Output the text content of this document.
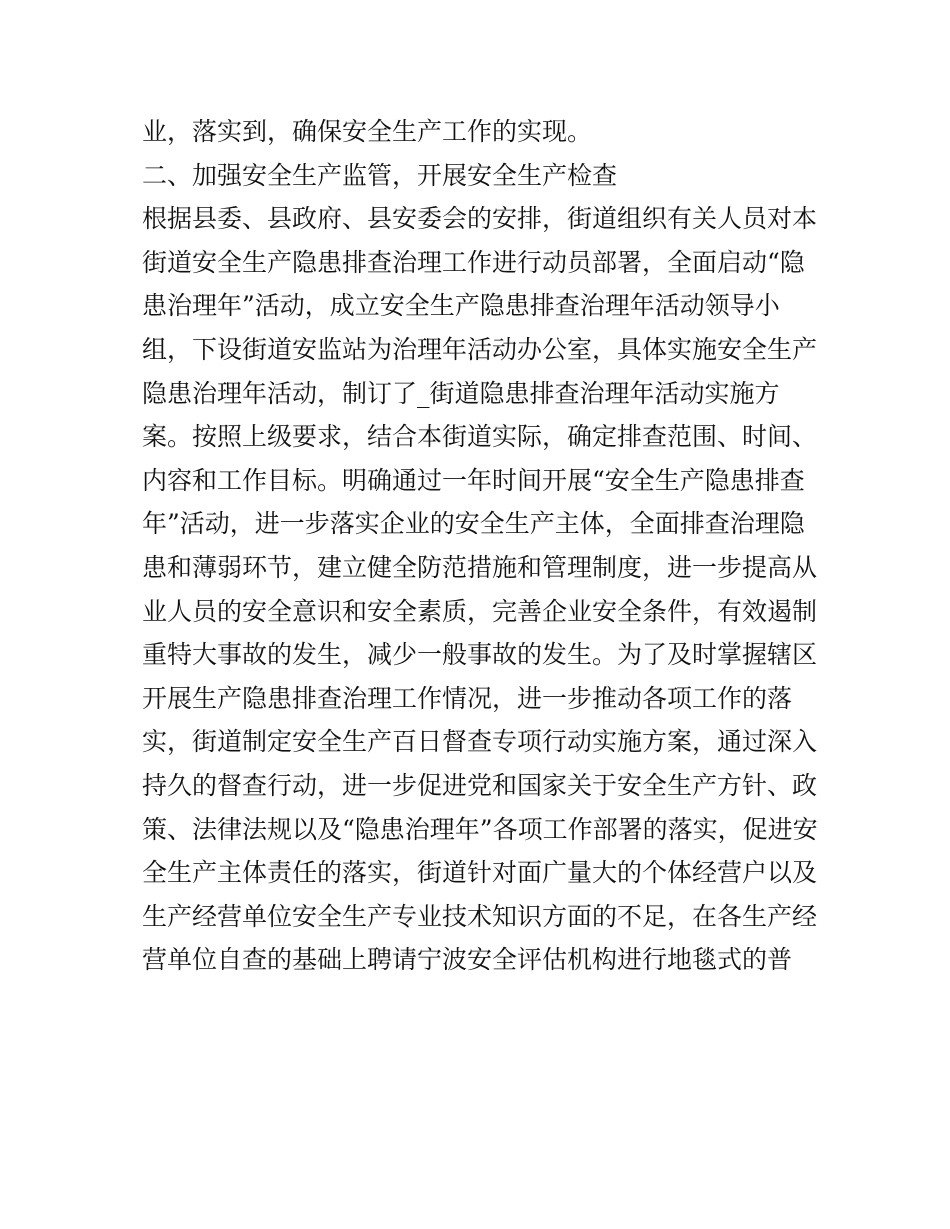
业，落实到，确保安全生产工作的实现。
二、加强安全生产监管，开展安全生产检查
根据县委、县政府、县安委会的安排，街道组织有关人员对本
街道安全生产隐患排查治理工作进行动员部署，全面启动“隐
患治理年”活动，成立安全生产隐患排查治理年活动领导小
组，下设街道安监站为治理年活动办公室，具体实施安全生产
隐患治理年活动，制订了_街道隐患排查治理年活动实施方
案。按照上级要求，结合本街道实际，确定排查范围、时间、
内容和工作目标。明确通过一年时间开展“安全生产隐患排查
年”活动，进一步落实企业的安全生产主体，全面排查治理隐
患和薄弱环节，建立健全防范措施和管理制度，进一步提高从
业人员的安全意识和安全素质，完善企业安全条件，有效遏制
重特大事故的发生，减少一般事故的发生。为了及时掌握辖区
开展生产隐患排查治理工作情况，进一步推动各项工作的落
实，街道制定安全生产百日督查专项行动实施方案，通过深入
持久的督查行动，进一步促进党和国家关于安全生产方针、政
策、法律法规以及“隐患治理年”各项工作部署的落实，促进安
全生产主体责任的落实，街道针对面广量大的个体经营户以及
生产经营单位安全生产专业技术知识方面的不足，在各生产经
营单位自查的基础上聘请宁波安全评估机构进行地毯式的普
